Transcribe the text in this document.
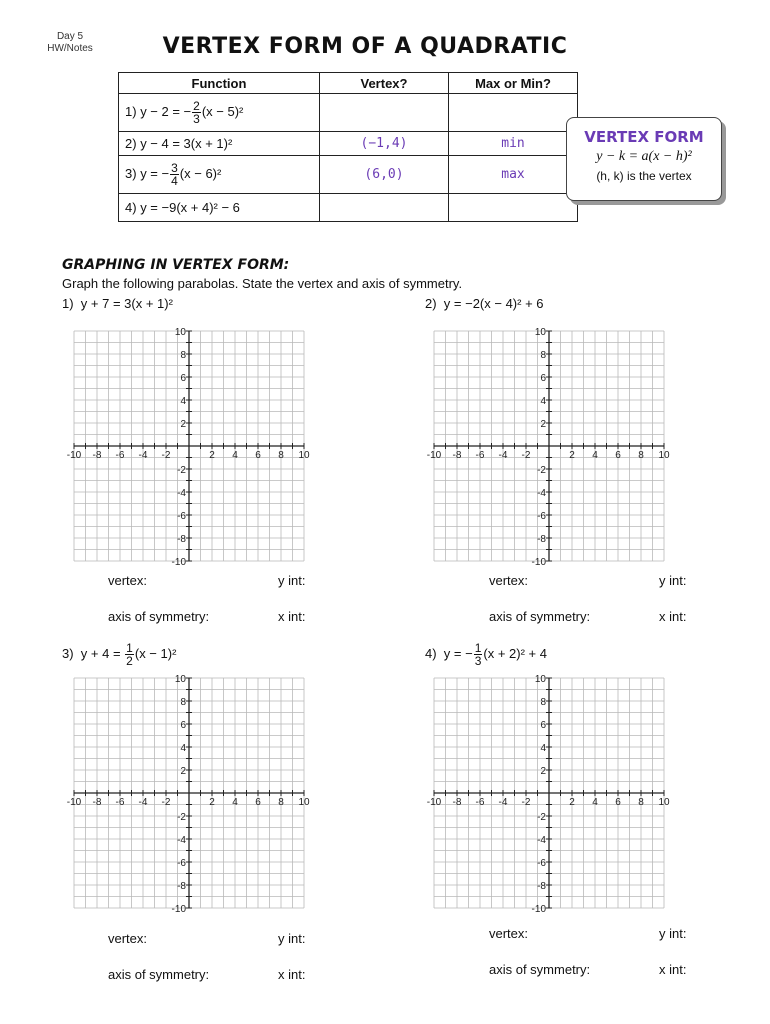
Day 5
HW/Notes	VERTEX FORM OF A QUADRATIC
Function	Vertex?	Max or Min?
1) y − 2 = − $\frac{2}{3} (x - 5)^2$		
2) y − 4 = 3(x + 1)²	(−1,4)	min
3) y = − $\frac{3}{4} (x - 6)^2$	(6,0)	max
4) y = −9(x + 4)² − 6		
VERTEX FORM
y − k = a(x − h)²
(h, k) is the vertex
GRAPHING IN VERTEX FORM:
Graph the following parabolas. State the vertex and axis of symmetry.
1) y + 7 = 3(x + 1)²	2) y = −2(x − 4)² + 6
3) $y + 4 = \frac{1}{2} (x - 1)^2$	4) y = − $\frac{1}{3} (x + 2)^2 + 4$
-10 -8 -6 -4 -2	2 4 6 8 10
10
8
6
4
2
-2
-4
-6
-8
-10
-10 -8 -6 -4 -2	2 4 6 8 10
10
8
6
4
2
-2
-4
-6
-8
-10
-10 -8 -6 -4 -2	2 4 6 8 10
10
8
6
4
2
-2
-4
-6
-8
-10
-10 -8 -6 -4 -2	2 4 6 8 10
10
8
6
4
2
-2
-4
-6
-8
-10
vertex:	y int:
axis of symmetry:	x int:
vertex:	y int:
axis of symmetry:	x int:
vertex:	y int:
axis of symmetry:	x int:
vertex:	y int:
axis of symmetry:	x int:
